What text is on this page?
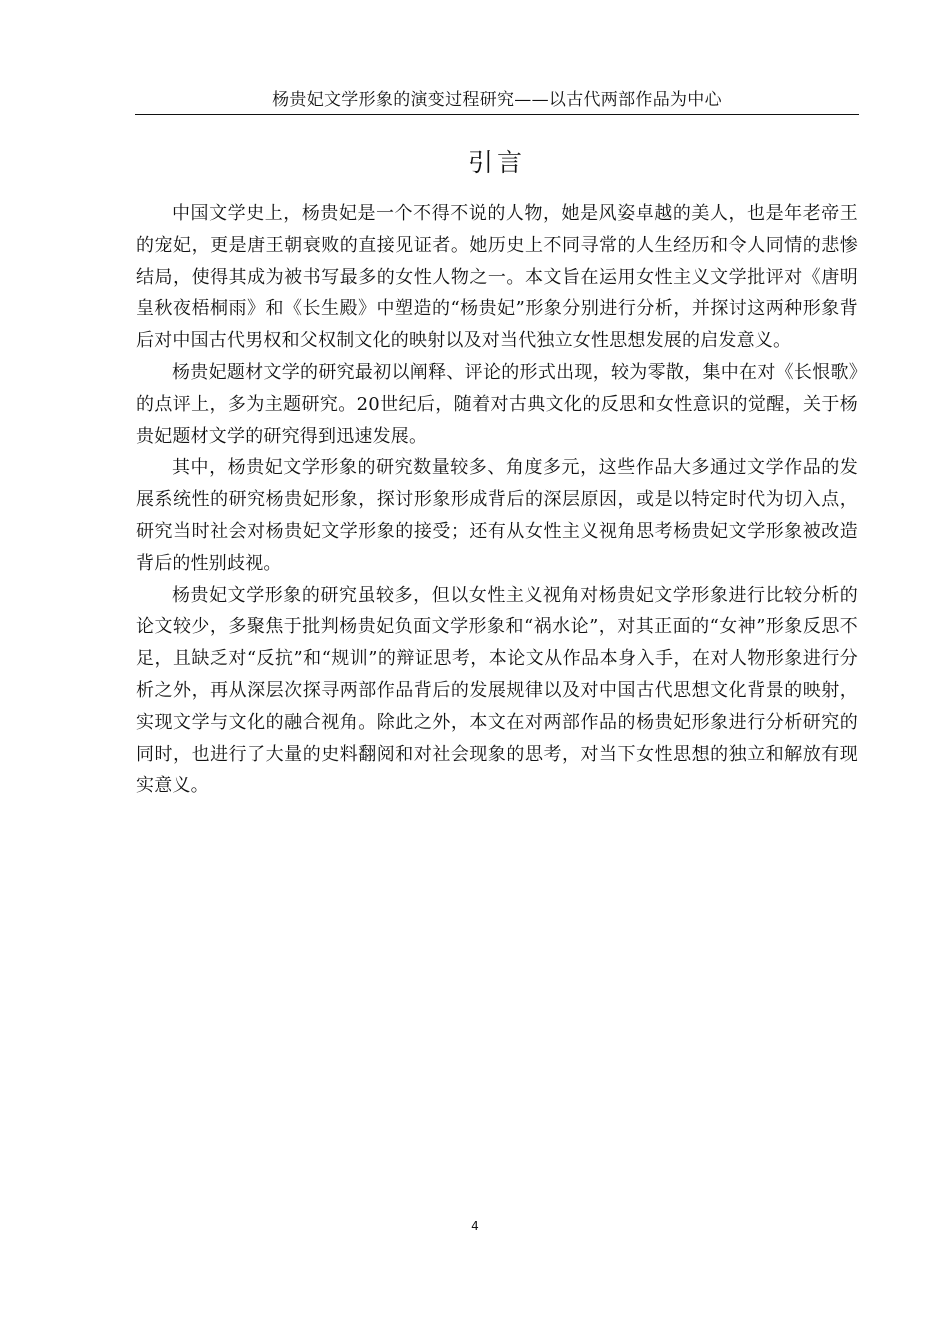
杨贵妃文学形象的演变过程研究——以古代两部作品为中心
引言

中国文学史上，杨贵妃是一个不得不说的人物，她是风姿卓越的美人，也是年老帝王的宠妃，更是唐王朝衰败的直接见证者。她历史上不同寻常的人生经历和令人同情的悲惨结局，使得其成为被书写最多的女性人物之一。本文旨在运用女性主义文学批评对《唐明皇秋夜梧桐雨》和《长生殿》中塑造的“杨贵妃”形象分别进行分析，并探讨这两种形象背后对中国古代男权和父权制文化的映射以及对当代独立女性思想发展的启发意义。

杨贵妃题材文学的研究最初以阐释、评论的形式出现，较为零散，集中在对《长恨歌》的点评上，多为主题研究。20世纪后，随着对古典文化的反思和女性意识的觉醒，关于杨贵妃题材文学的研究得到迅速发展。

其中，杨贵妃文学形象的研究数量较多、角度多元，这些作品大多通过文学作品的发展系统性的研究杨贵妃形象，探讨形象形成背后的深层原因，或是以特定时代为切入点，研究当时社会对杨贵妃文学形象的接受；还有从女性主义视角思考杨贵妃文学形象被改造背后的性别歧视。

杨贵妃文学形象的研究虽较多，但以女性主义视角对杨贵妃文学形象进行比较分析的论文较少，多聚焦于批判杨贵妃负面文学形象和“祸水论”，对其正面的“女神”形象反思不足，且缺乏对“反抗”和“规训”的辩证思考，本论文从作品本身入手，在对人物形象进行分析之外，再从深层次探寻两部作品背后的发展规律以及对中国古代思想文化背景的映射，实现文学与文化的融合视角。除此之外，本文在对两部作品的杨贵妃形象进行分析研究的同时，也进行了大量的史料翻阅和对社会现象的思考，对当下女性思想的独立和解放有现实意义。

4
